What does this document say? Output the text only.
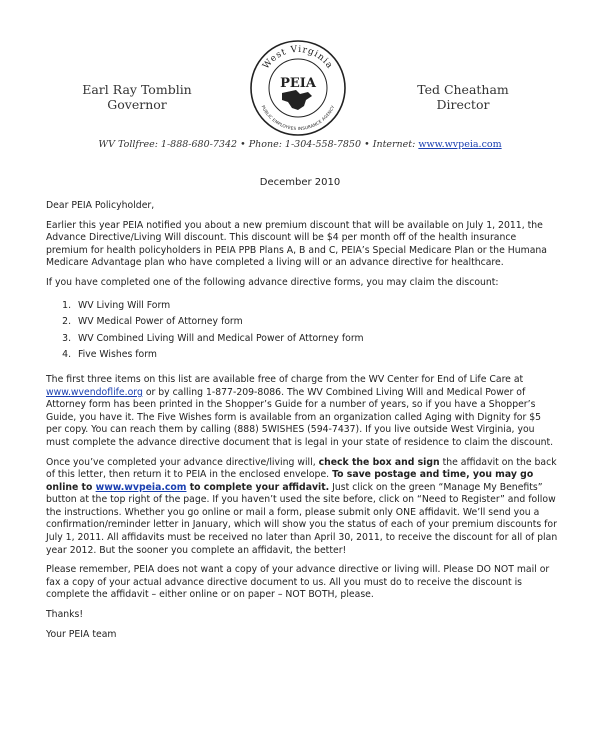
Earl Ray Tomblin
Governor
West Virginia
PUBLIC EMPLOYEES INSURANCE AGENCY
PEIA	Ted Cheatham
Director
WV Tollfree: 1-888-680-7342 • Phone: 1-304-558-7850 • Internet: www.wvpeia.com
December 2010

Dear PEIA Policyholder,

Earlier this year PEIA notified you about a new premium discount that will be available on July 1, 2011, the Advance Directive/Living Will discount. This discount will be $4 per month off of the health insurance premium for health policyholders in PEIA PPB Plans A, B and C, PEIA’s Special Medicare Plan or the Humana Medicare Advantage plan who have completed a living will or an advance directive for healthcare.

If you have completed one of the following advance directive forms, you may claim the discount:

1. WV Living Will Form
2. WV Medical Power of Attorney form
3. WV Combined Living Will and Medical Power of Attorney form
4. Five Wishes form

The first three items on this list are available free of charge from the WV Center for End of Life Care at www.wvendoflife.org or by calling 1-877-209-8086. The WV Combined Living Will and Medical Power of Attorney form has been printed in the Shopper’s Guide for a number of years, so if you have a Shopper’s Guide, you have it. The Five Wishes form is available from an organization called Aging with Dignity for $5 per copy. You can reach them by calling (888) 5WISHES (594-7437). If you live outside West Virginia, you must complete the advance directive document that is legal in your state of residence to claim the discount.

Once you’ve completed your advance directive/living will, check the box and sign the affidavit on the back of this letter, then return it to PEIA in the enclosed envelope. To save postage and time, you may go online to www.wvpeia.com to complete your affidavit. Just click on the green “Manage My Benefits” button at the top right of the page. If you haven’t used the site before, click on “Need to Register” and follow the instructions. Whether you go online or mail a form, please submit only ONE affidavit. We’ll send you a confirmation/reminder letter in January, which will show you the status of each of your premium discounts for July 1, 2011. All affidavits must be received no later than April 30, 2011, to receive the discount for all of plan year 2012. But the sooner you complete an affidavit, the better!

Please remember, PEIA does not want a copy of your advance directive or living will. Please DO NOT mail or fax a copy of your actual advance directive document to us. All you must do to receive the discount is complete the affidavit – either online or on paper – NOT BOTH, please.

Thanks!

Your PEIA team
